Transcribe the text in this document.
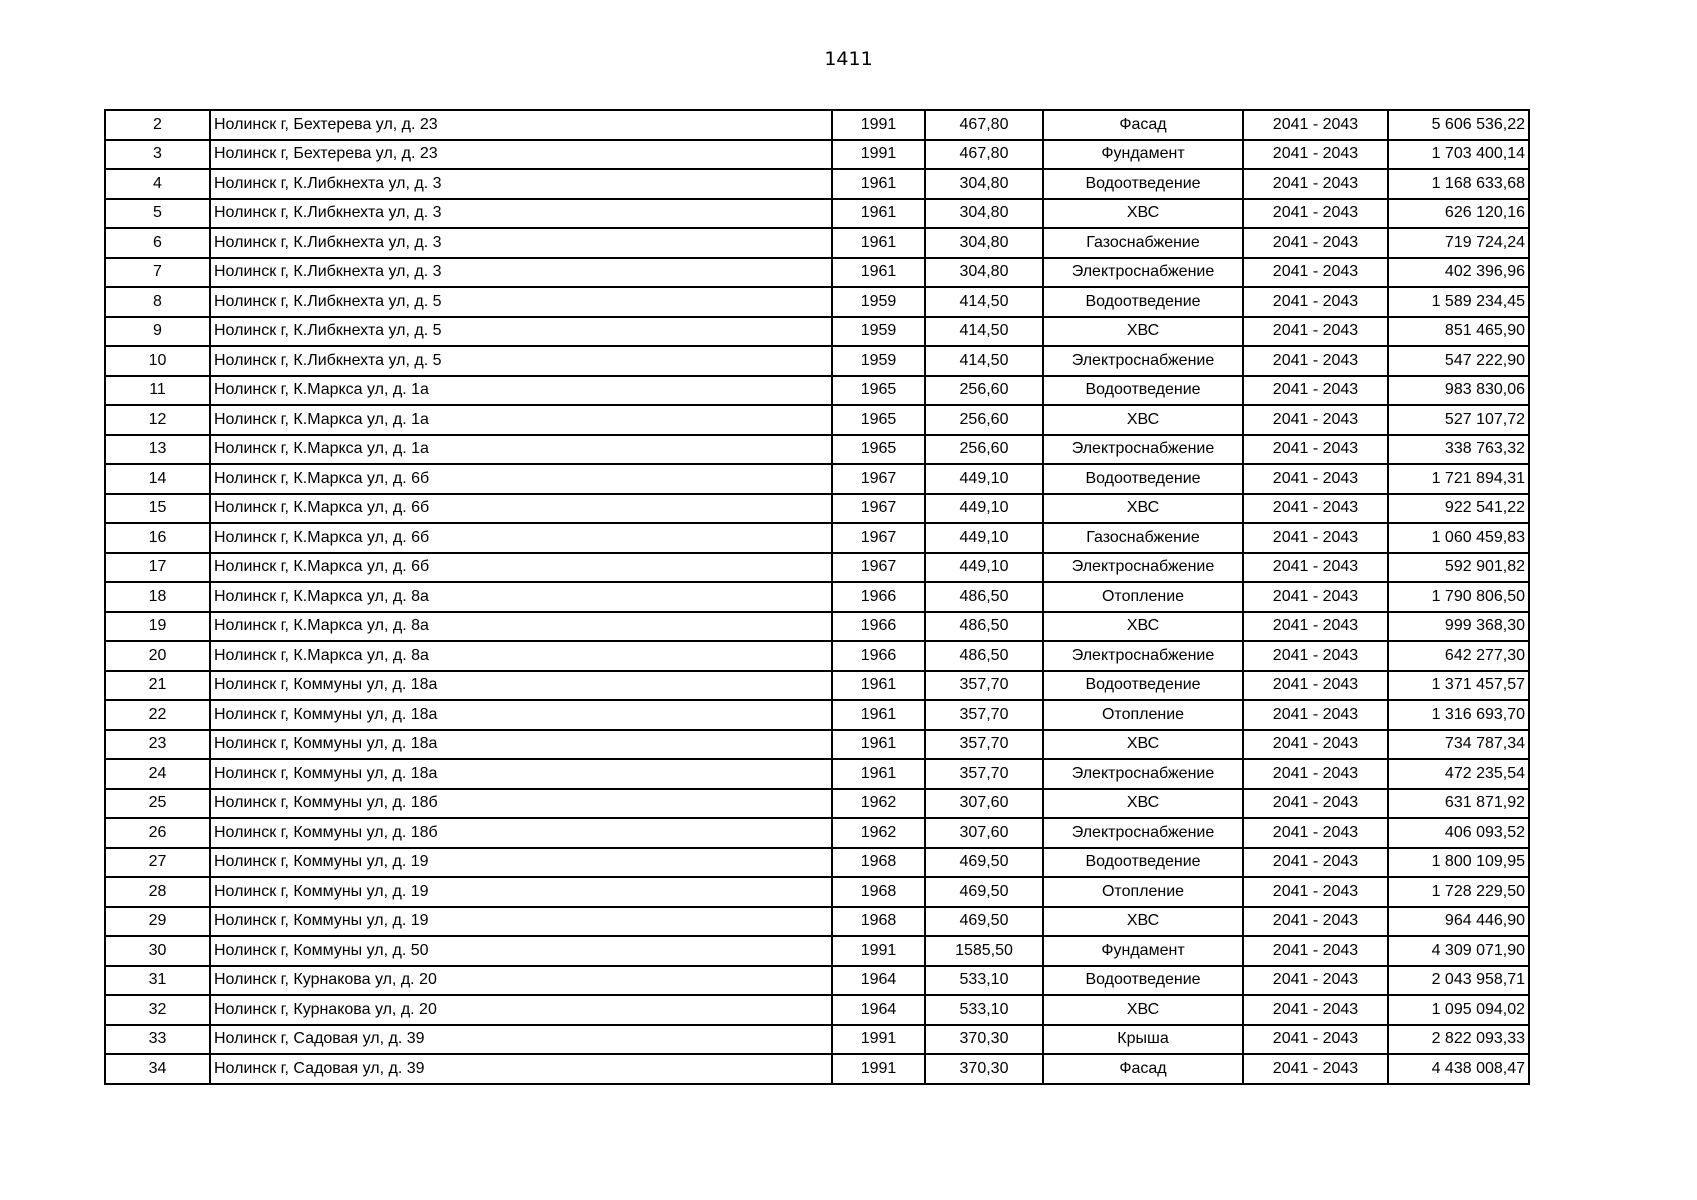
1411
2	Нолинск г, Бехтерева ул, д. 23	1991	467,80	Фасад	2041 - 2043	5 606 536,22
3	Нолинск г, Бехтерева ул, д. 23	1991	467,80	Фундамент	2041 - 2043	1 703 400,14
4	Нолинск г, К.Либкнехта ул, д. 3	1961	304,80	Водоотведение	2041 - 2043	1 168 633,68
5	Нолинск г, К.Либкнехта ул, д. 3	1961	304,80	ХВС	2041 - 2043	626 120,16
6	Нолинск г, К.Либкнехта ул, д. 3	1961	304,80	Газоснабжение	2041 - 2043	719 724,24
7	Нолинск г, К.Либкнехта ул, д. 3	1961	304,80	Электроснабжение	2041 - 2043	402 396,96
8	Нолинск г, К.Либкнехта ул, д. 5	1959	414,50	Водоотведение	2041 - 2043	1 589 234,45
9	Нолинск г, К.Либкнехта ул, д. 5	1959	414,50	ХВС	2041 - 2043	851 465,90
10	Нолинск г, К.Либкнехта ул, д. 5	1959	414,50	Электроснабжение	2041 - 2043	547 222,90
11	Нолинск г, К.Маркса ул, д. 1а	1965	256,60	Водоотведение	2041 - 2043	983 830,06
12	Нолинск г, К.Маркса ул, д. 1а	1965	256,60	ХВС	2041 - 2043	527 107,72
13	Нолинск г, К.Маркса ул, д. 1а	1965	256,60	Электроснабжение	2041 - 2043	338 763,32
14	Нолинск г, К.Маркса ул, д. 6б	1967	449,10	Водоотведение	2041 - 2043	1 721 894,31
15	Нолинск г, К.Маркса ул, д. 6б	1967	449,10	ХВС	2041 - 2043	922 541,22
16	Нолинск г, К.Маркса ул, д. 6б	1967	449,10	Газоснабжение	2041 - 2043	1 060 459,83
17	Нолинск г, К.Маркса ул, д. 6б	1967	449,10	Электроснабжение	2041 - 2043	592 901,82
18	Нолинск г, К.Маркса ул, д. 8а	1966	486,50	Отопление	2041 - 2043	1 790 806,50
19	Нолинск г, К.Маркса ул, д. 8а	1966	486,50	ХВС	2041 - 2043	999 368,30
20	Нолинск г, К.Маркса ул, д. 8а	1966	486,50	Электроснабжение	2041 - 2043	642 277,30
21	Нолинск г, Коммуны ул, д. 18а	1961	357,70	Водоотведение	2041 - 2043	1 371 457,57
22	Нолинск г, Коммуны ул, д. 18а	1961	357,70	Отопление	2041 - 2043	1 316 693,70
23	Нолинск г, Коммуны ул, д. 18а	1961	357,70	ХВС	2041 - 2043	734 787,34
24	Нолинск г, Коммуны ул, д. 18а	1961	357,70	Электроснабжение	2041 - 2043	472 235,54
25	Нолинск г, Коммуны ул, д. 18б	1962	307,60	ХВС	2041 - 2043	631 871,92
26	Нолинск г, Коммуны ул, д. 18б	1962	307,60	Электроснабжение	2041 - 2043	406 093,52
27	Нолинск г, Коммуны ул, д. 19	1968	469,50	Водоотведение	2041 - 2043	1 800 109,95
28	Нолинск г, Коммуны ул, д. 19	1968	469,50	Отопление	2041 - 2043	1 728 229,50
29	Нолинск г, Коммуны ул, д. 19	1968	469,50	ХВС	2041 - 2043	964 446,90
30	Нолинск г, Коммуны ул, д. 50	1991	1585,50	Фундамент	2041 - 2043	4 309 071,90
31	Нолинск г, Курнакова ул, д. 20	1964	533,10	Водоотведение	2041 - 2043	2 043 958,71
32	Нолинск г, Курнакова ул, д. 20	1964	533,10	ХВС	2041 - 2043	1 095 094,02
33	Нолинск г, Садовая ул, д. 39	1991	370,30	Крыша	2041 - 2043	2 822 093,33
34	Нолинск г, Садовая ул, д. 39	1991	370,30	Фасад	2041 - 2043	4 438 008,47
